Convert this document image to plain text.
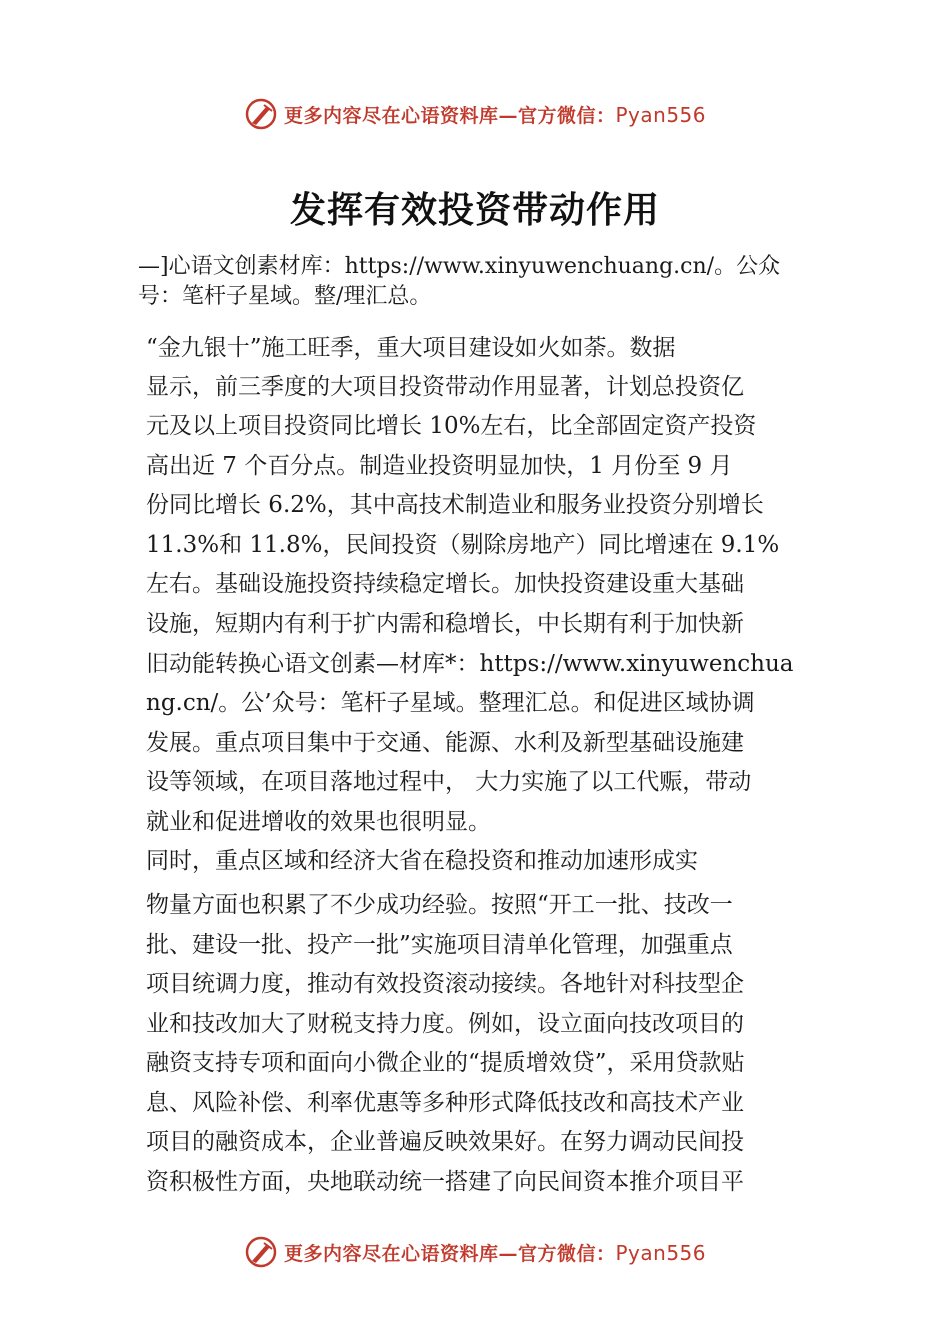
更多内容尽在心语资料库—官方微信：Pyan556
发挥有效投资带动作用
—]心语文创素材库：https://www.xinyuwenchuang.cn/。公众
号：笔杆子星域。整/理汇总。
“金九银十”施工旺季，重大项目建设如火如荼。数据
显示，前三季度的大项目投资带动作用显著，计划总投资亿
元及以上项目投资同比增长 10%左右，比全部固定资产投资
高出近 7 个百分点。制造业投资明显加快，1 月份至 9 月
份同比增长 6.2%，其中高技术制造业和服务业投资分别增长
11.3%和 11.8%，民间投资（剔除房地产）同比增速在 9.1%
左右。基础设施投资持续稳定增长。加快投资建设重大基础
设施，短期内有利于扩内需和稳增长，中长期有利于加快新
旧动能转换心语文创素—材库*：https://www.xinyuwenchua
ng.cn/。公’众号：笔杆子星域。整理汇总。和促进区域协调
发展。重点项目集中于交通、能源、水利及新型基础设施建
设等领域，在项目落地过程中， 大力实施了以工代赈，带动
就业和促进增收的效果也很明显。
同时，重点区域和经济大省在稳投资和推动加速形成实
物量方面也积累了不少成功经验。按照“开工一批、技改一
批、建设一批、投产一批”实施项目清单化管理，加强重点
项目统调力度，推动有效投资滚动接续。各地针对科技型企
业和技改加大了财税支持力度。例如，设立面向技改项目的
融资支持专项和面向小微企业的“提质增效贷”，采用贷款贴
息、风险补偿、利率优惠等多种形式降低技改和高技术产业
项目的融资成本，企业普遍反映效果好。在努力调动民间投
资积极性方面，央地联动统一搭建了向民间资本推介项目平
更多内容尽在心语资料库—官方微信：Pyan556
